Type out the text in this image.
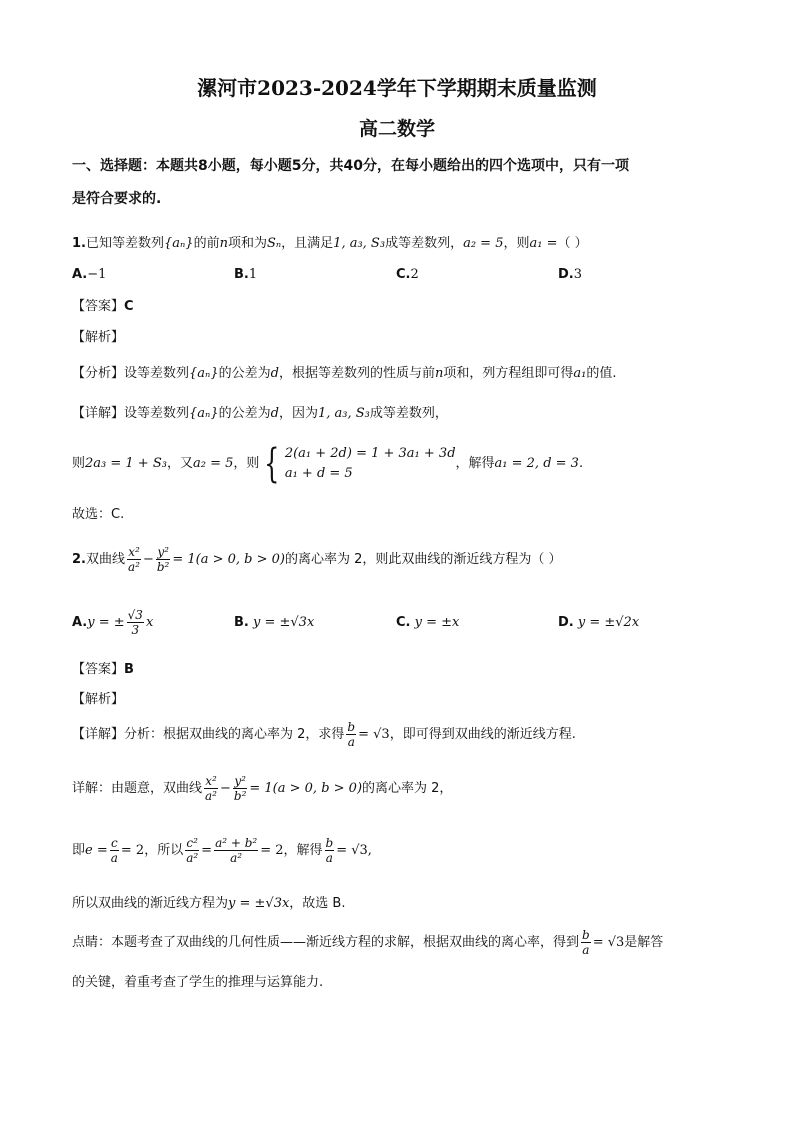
漯河市2023-2024学年下学期期末质量监测
高二数学
一、选择题：本题共8小题，每小题5分，共40分，在每小题给出的四个选项中，只有一项
是符合要求的.
1.已知等差数列{aₙ}的前n项和为Sₙ，且满足1, a₃, S₃成等差数列，a₂ = 5，则a₁ =（ ）
A.−1	B.1	C.2	D.3
【答案】C
【解析】
【分析】设等差数列{aₙ}的公差为d，根据等差数列的性质与前n项和，列方程组即可得a₁的值.
【详解】设等差数列{aₙ}的公差为d，因为1, a₃, S₃成等差数列，
则2a₃ = 1 + S₃，又a₂ = 5，则 { 2(a₁ + 2d) = 1 + 3a₁ + 3d
a₁ + d = 5
，解得a₁ = 2, d = 3.
故选：C.
2.双曲线 $\frac{\text{x²}}{\text{a²}} - \frac{\text{y²}}{\text{b²}} = 1(a > 0$, b > 0)的离心率为 2，则此双曲线的渐近线方程为（ ）
A.y = ± $\frac{√3}{3}$ x	B. y = ±√3x	C. y = ±x	D. y = ±√2x
【答案】B
【解析】
【详解】分析：根据双曲线的离心率为 2，求得 $\frac{b}{a} = √3$，即可得到双曲线的渐近线方程.
详解：由题意，双曲线 $\frac{\text{x²}}{\text{a²}} - \frac{\text{y²}}{\text{b²}} = 1(a > 0$, b > 0)的离心率为 2，
即$e = \frac{c}{a} = 2$，所以 $\frac{\text{c²}}{\text{a²}} = \frac{\text{a² + b²}}{\text{a²}} = 2$，解得 $\frac{b}{a} = √3$,
所以双曲线的渐近线方程为y = ±√3x，故选 B.
点睛：本题考查了双曲线的几何性质——渐近线方程的求解，根据双曲线的离心率，得到 $\frac{b}{a} = √3$是解答
的关键，着重考查了学生的推理与运算能力.
